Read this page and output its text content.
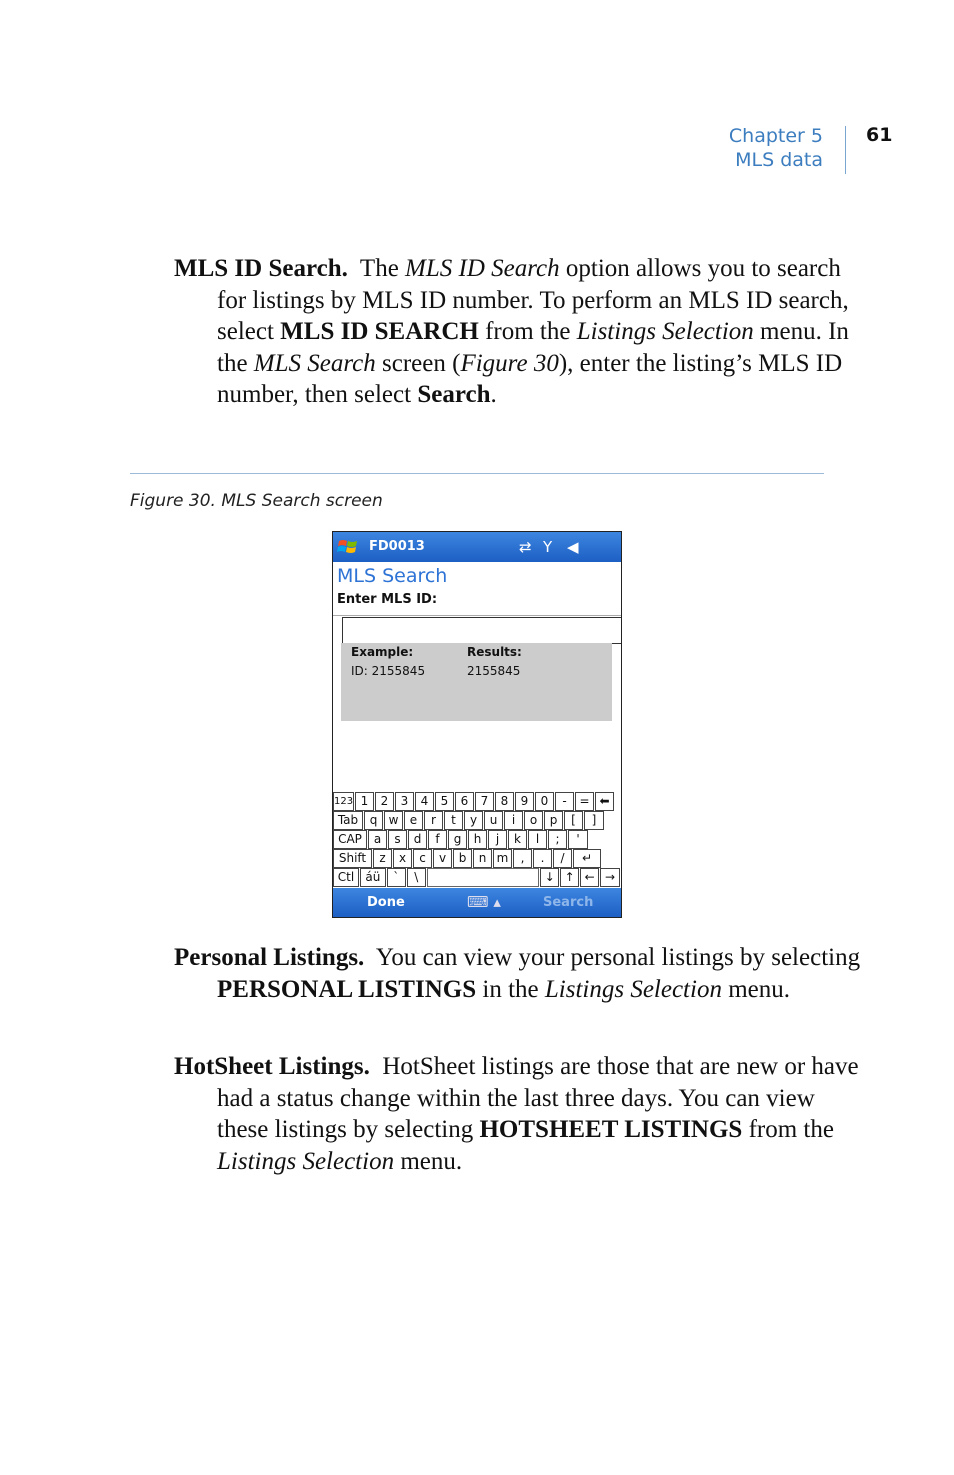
Chapter 5
MLS data
61
MLS ID Search. The MLS ID Search option allows you to search for listings by MLS ID number. To perform an MLS ID search, select MLS ID SEARCH from the Listings Selection menu. In the MLS Search screen (Figure 30), enter the listing’s MLS ID number, then select Search.
Figure 30. MLS Search screen
FD0013	⇄ Y ◀︎
MLS Search
Enter MLS ID:
Example:	Results:
ID: 2155845	2155845
123 1	2	3	4	5	6	7	8	9	0	-	= ⬅
Tab q w e	r	t	y	u	i	o	p	[	]
CAP a	s	d	f	g	h	j	k	l	;	'
Shift	z	x	c	v	b	n m	,	.	/	↵
Ctl áü	`	\	↓ ↑ ← →
Done	⌨ ▴	Search
Personal Listings. You can view your personal listings by selecting PERSONAL LISTINGS in the Listings Selection menu.
HotSheet Listings. HotSheet listings are those that are new or have had a status change within the last three days. You can view these listings by selecting HOTSHEET LISTINGS from the Listings Selection menu.
